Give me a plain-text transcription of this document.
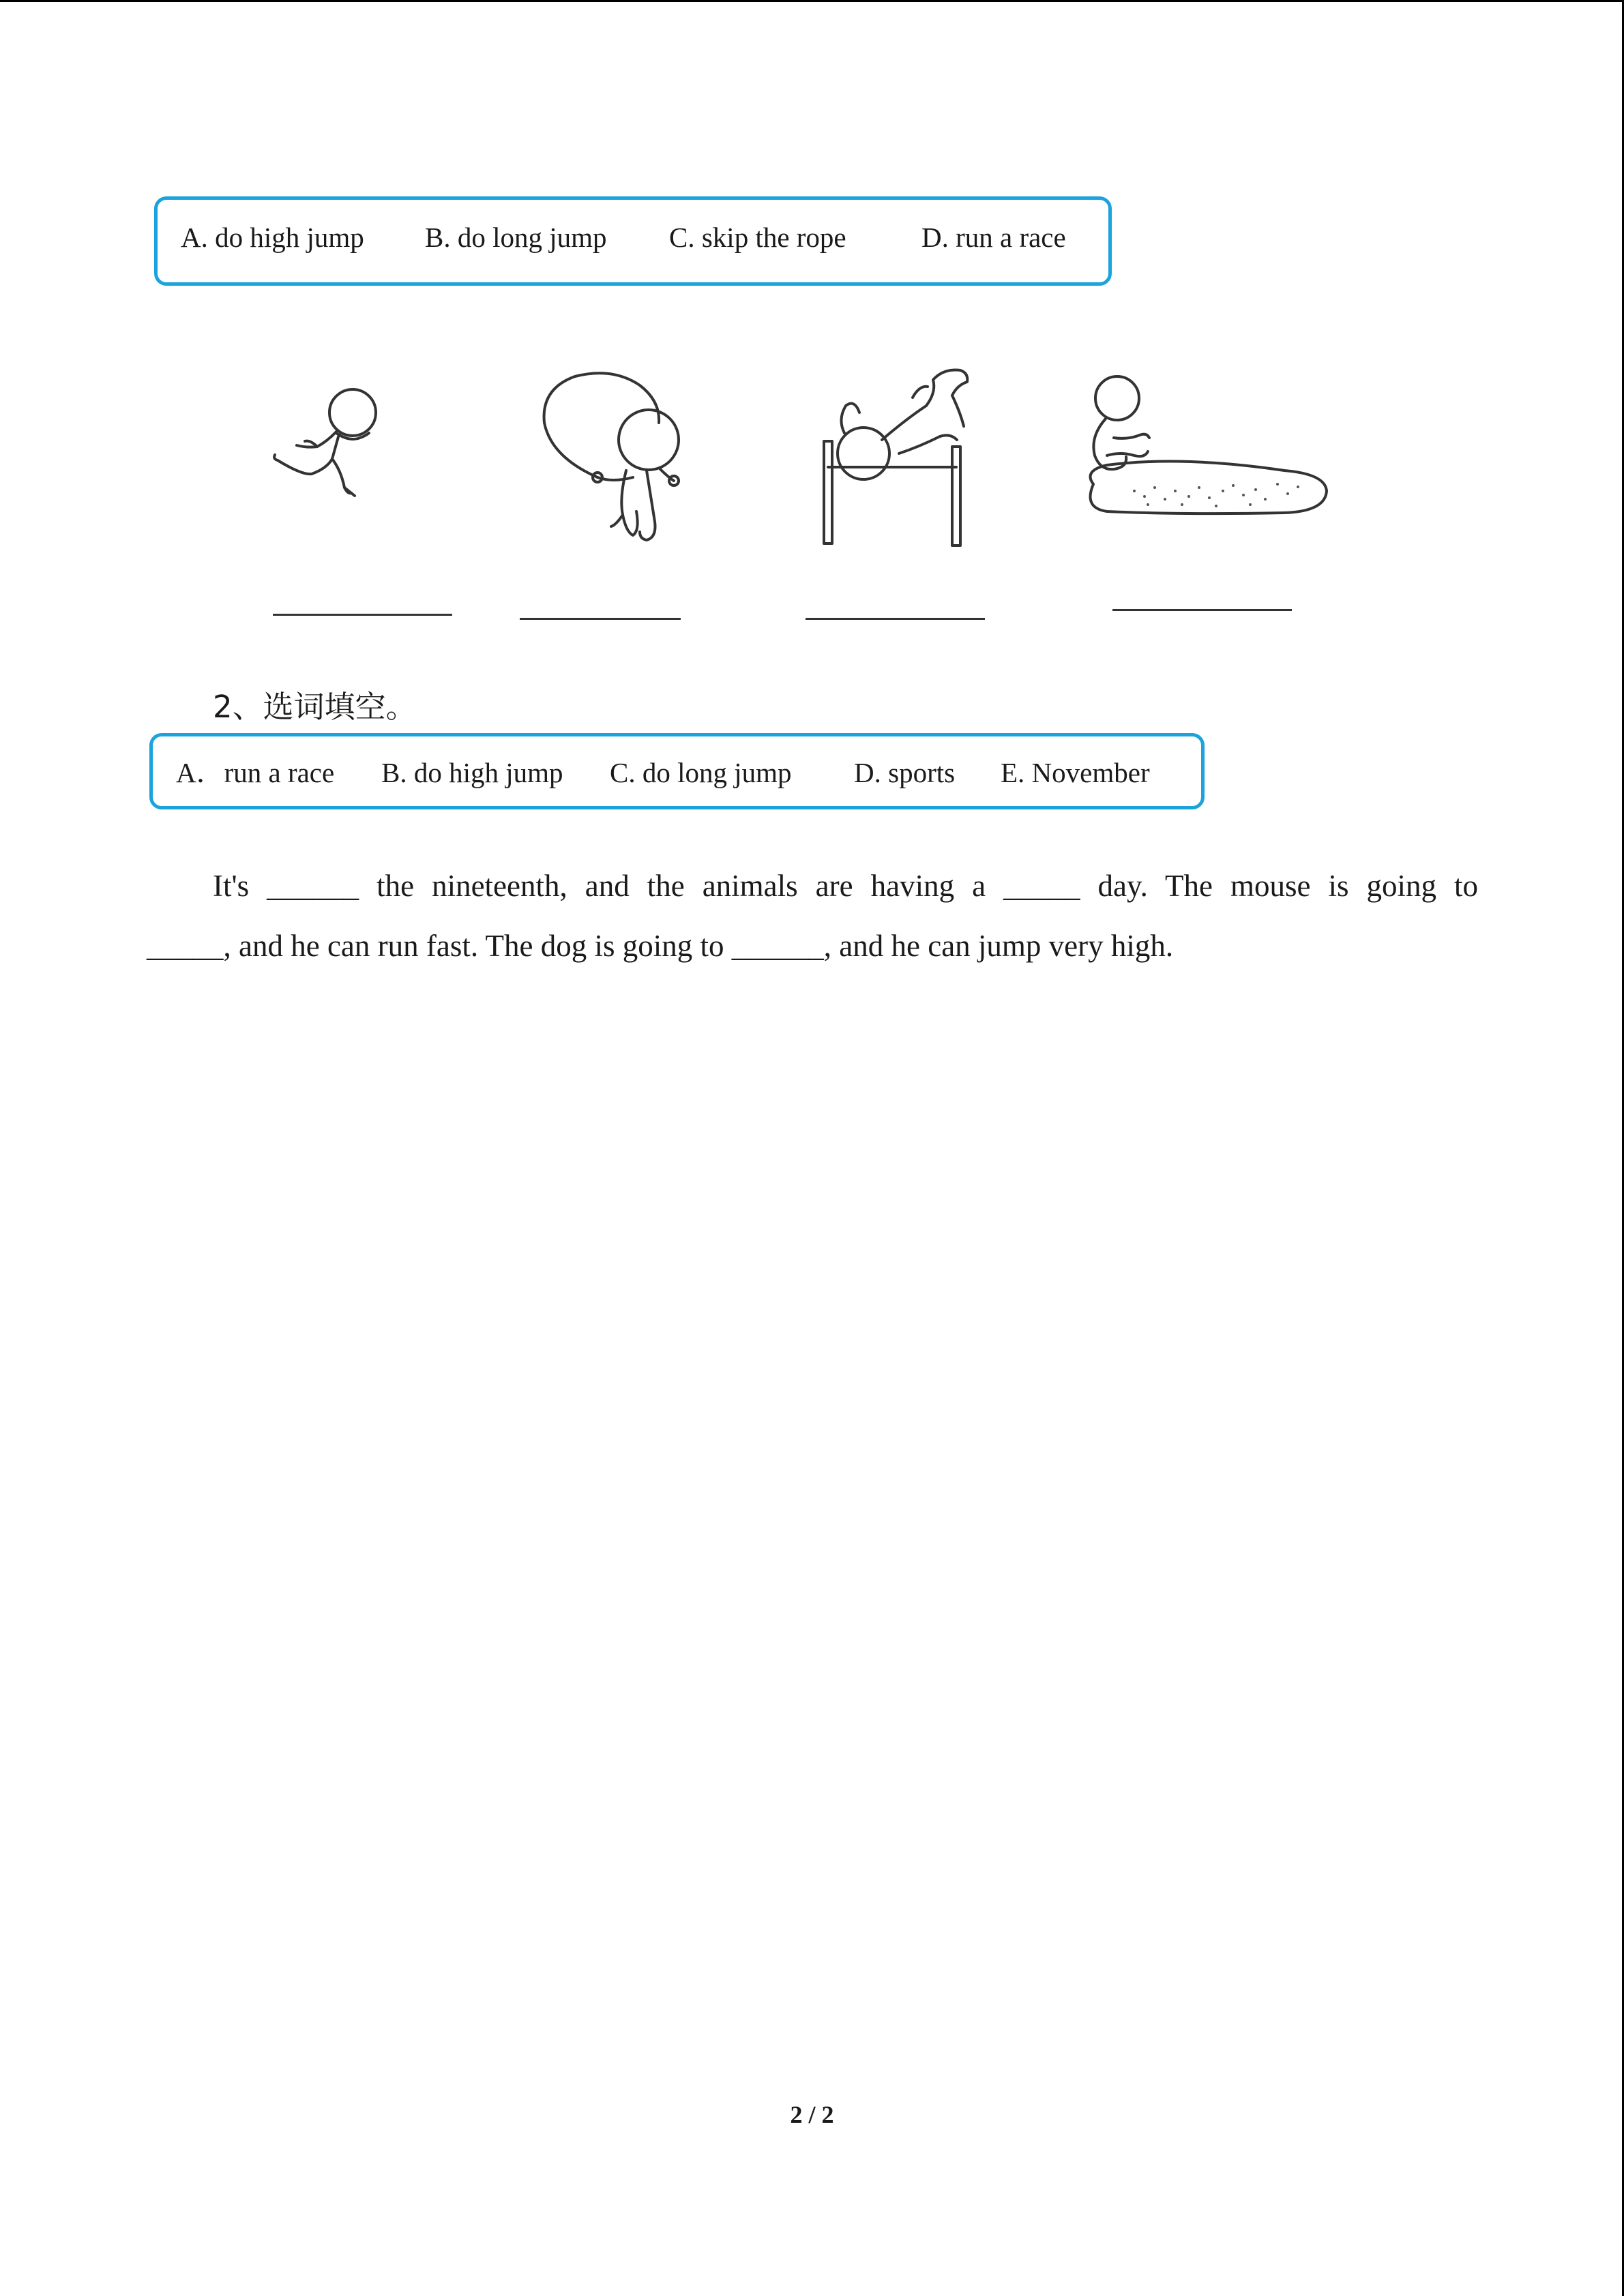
A. do high jump B. do long jump C. skip the rope	D. run a race
2、选词填空。
A．run a race B. do high jump C. do long jump D. sports E. November
It's ______ the nineteenth, and the animals are having a _____ day. The mouse is going to
_____, and he can run fast. The dog is going to ______, and he can jump very high.
2 / 2
